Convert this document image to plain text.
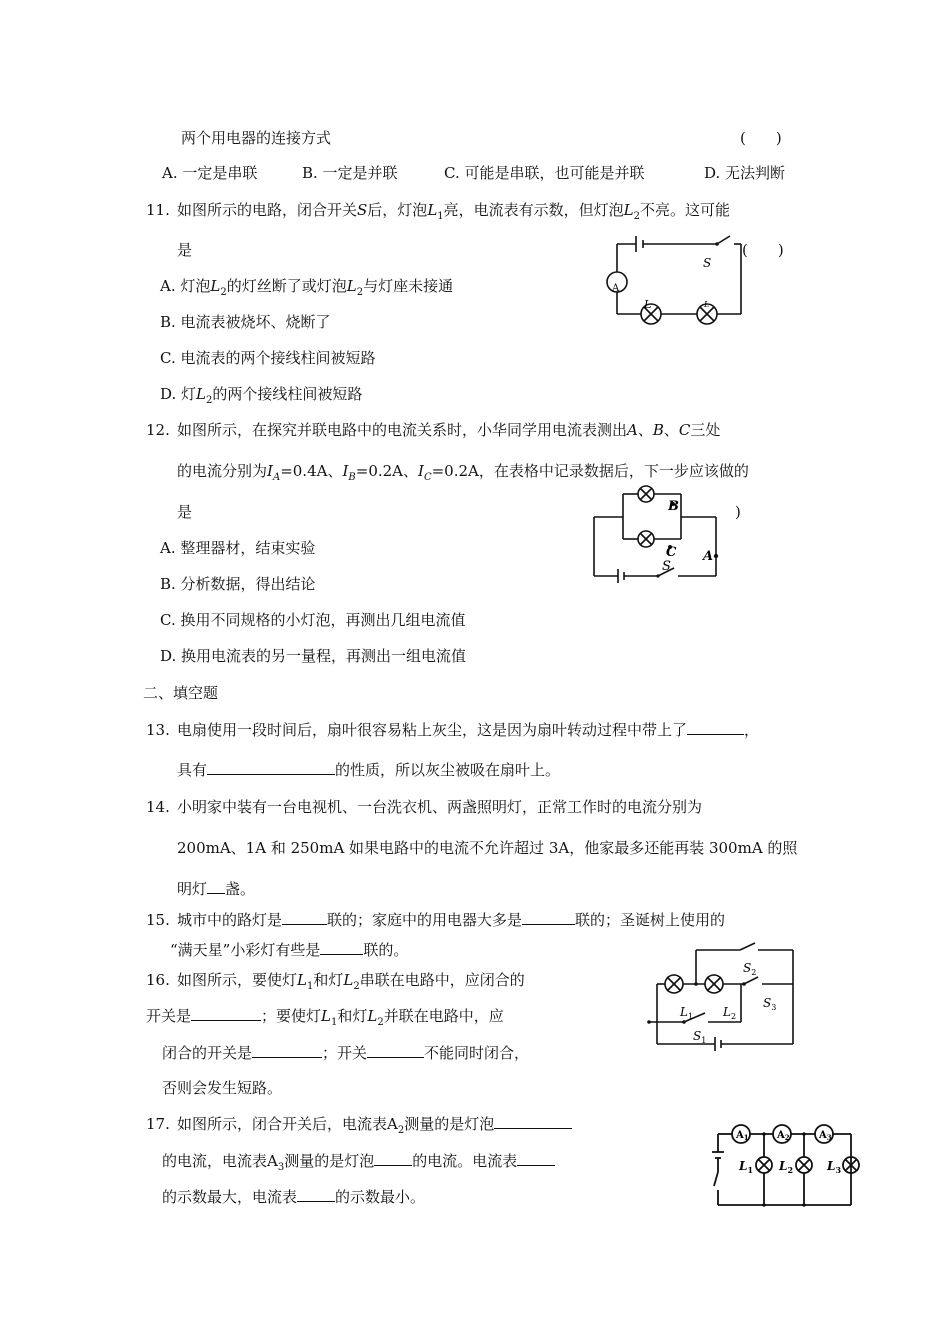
两个用电器的连接方式	(　　)
A. 一定是串联	B. 一定是并联	C. 可能是串联，也可能是并联	D. 无法判断
11. 如图所示的电路，闭合开关S后，灯泡$L_1$亮，电流表有示数，但灯泡$L_2$不亮。这可能
是	(　　)
A. 灯泡$L_2$的灯丝断了或灯泡$L_2$与灯座未接通
B. 电流表被烧坏、烧断了
C. 电流表的两个接线柱间被短路
D. 灯$L_2$的两个接线柱间被短路
A
S
L	L
12. 如图所示，在探究并联电路中的电流关系时，小华同学用电流表测出A、B、C三处
的电流分别为$I_A=0.4A$、$I_B=0.2A$、$I_C=0.2A$，在表格中记录数据后，下一步应该做的
是	)
A. 整理器材，结束实验
B. 分析数据，得出结论
C. 换用不同规格的小灯泡，再测出几组电流值
D. 换用电流表的另一量程，再测出一组电流值
B
C A
S
二、填空题
13. 电扇使用一段时间后，扇叶很容易粘上灰尘，这是因为扇叶转动过程中带上了	，
具有	的性质，所以灰尘被吸在扇叶上。
14. 小明家中装有一台电视机、一台洗衣机、两盏照明灯，正常工作时的电流分别为
200mA、1A 和 250mA 如果电路中的电流不允许超过 3A，他家最多还能再装 300mA 的照
明灯 盏。
15. 城市中的路灯是	联的；家庭中的用电器大多是	联的；圣诞树上使用的
“满天星”小彩灯有些是	联的。
16. 如图所示，要使灯$L_1$和灯$L_2$串联在电路中，应闭合的
开关是	；要使灯$L_1$和灯$L_2$并联在电路中，应
闭合的开关是	；开关	不能同时闭合，
否则会发生短路。
$S_2$
$S_3$
$L_1$ $L_2$
$S_1$
17. 如图所示，闭合开关后，电流表$A_2$测量的是灯泡
的电流，电流表$A_3$测量的是灯泡	的电流。电流表
的示数最大，电流表	的示数最小。
$A_1$	$A_2$	$A_3$
$L_1$ $L_2$	$L_3$
